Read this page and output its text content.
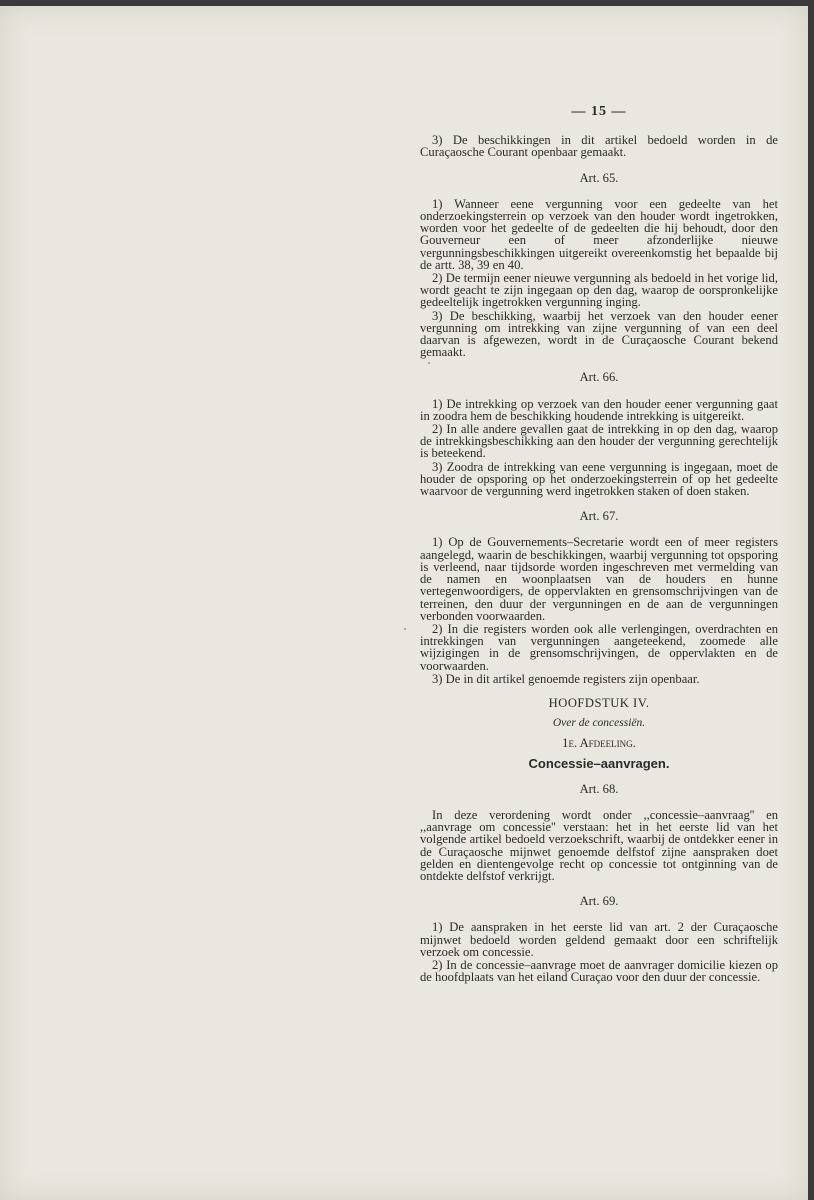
— 15 —
3) De beschikkingen in dit artikel bedoeld worden in de Curaçaosche Courant openbaar gemaakt.
Art. 65.
1) Wanneer eene vergunning voor een gedeelte van het onderzoekingsterrein op verzoek van den houder wordt ingetrokken, worden voor het gedeelte of de gedeelten die hij behoudt, door den Gouverneur een of meer afzonderlijke nieuwe vergunningsbeschikkingen uitgereikt overeenkomstig het bepaalde bij de artt. 38, 39 en 40.
2) De termijn eener nieuwe vergunning als bedoeld in het vorige lid, wordt geacht te zijn ingegaan op den dag, waarop de oorspronkelijke gedeeltelijk ingetrokken vergunning inging.
3) De beschikking, waarbij het verzoek van den houder eener vergunning om intrekking van zijne vergunning of van een deel daarvan is afgewezen, wordt in de Curaçaosche Courant bekend gemaakt.
Art. 66.
1) De intrekking op verzoek van den houder eener vergunning gaat in zoodra hem de beschikking houdende intrekking is uitgereikt.
2) In alle andere gevallen gaat de intrekking in op den dag, waarop de intrekkingsbeschikking aan den houder der vergunning gerechtelijk is beteekend.
3) Zoodra de intrekking van eene vergunning is ingegaan, moet de houder de opsporing op het onderzoekingsterrein of op het gedeelte waarvoor de vergunning werd ingetrokken staken of doen staken.
Art. 67.
1) Op de Gouvernements–Secretarie wordt een of meer registers aangelegd, waarin de beschikkingen, waarbij vergunning tot opsporing is verleend, naar tijdsorde worden ingeschreven met vermelding van de namen en woonplaatsen van de houders en hunne vertegenwoordigers, de oppervlakten en grensomschrijvingen van de terreinen, den duur der vergunningen en de aan de vergunningen verbonden voorwaarden.
2) In die registers worden ook alle verlengingen, overdrachten en intrekkingen van vergunningen aangeteekend, zoomede alle wijzigingen in de grensomschrijvingen, de oppervlakten en de voorwaarden.
3) De in dit artikel genoemde registers zijn openbaar.
HOOFDSTUK IV.
Over de concessiën.
1e. Afdeeling.
Concessie–aanvragen.
Art. 68.
In deze verordening wordt onder ,,concessie–aanvraag'' en ,,aanvrage om concessie'' verstaan: het in het eerste lid van het volgende artikel bedoeld verzoekschrift, waarbij de ontdekker eener in de Curaçaosche mijnwet genoemde delfstof zijne aanspraken doet gelden en dientengevolge recht op concessie tot ontginning van de ontdekte delfstof verkrijgt.
Art. 69.
1) De aanspraken in het eerste lid van art. 2 der Curaçaosche mijnwet bedoeld worden geldend gemaakt door een schriftelijk verzoek om concessie.
2) In de concessie–aanvrage moet de aanvrager domicilie kiezen op de hoofdplaats van het eiland Curaçao voor den duur der concessie.
